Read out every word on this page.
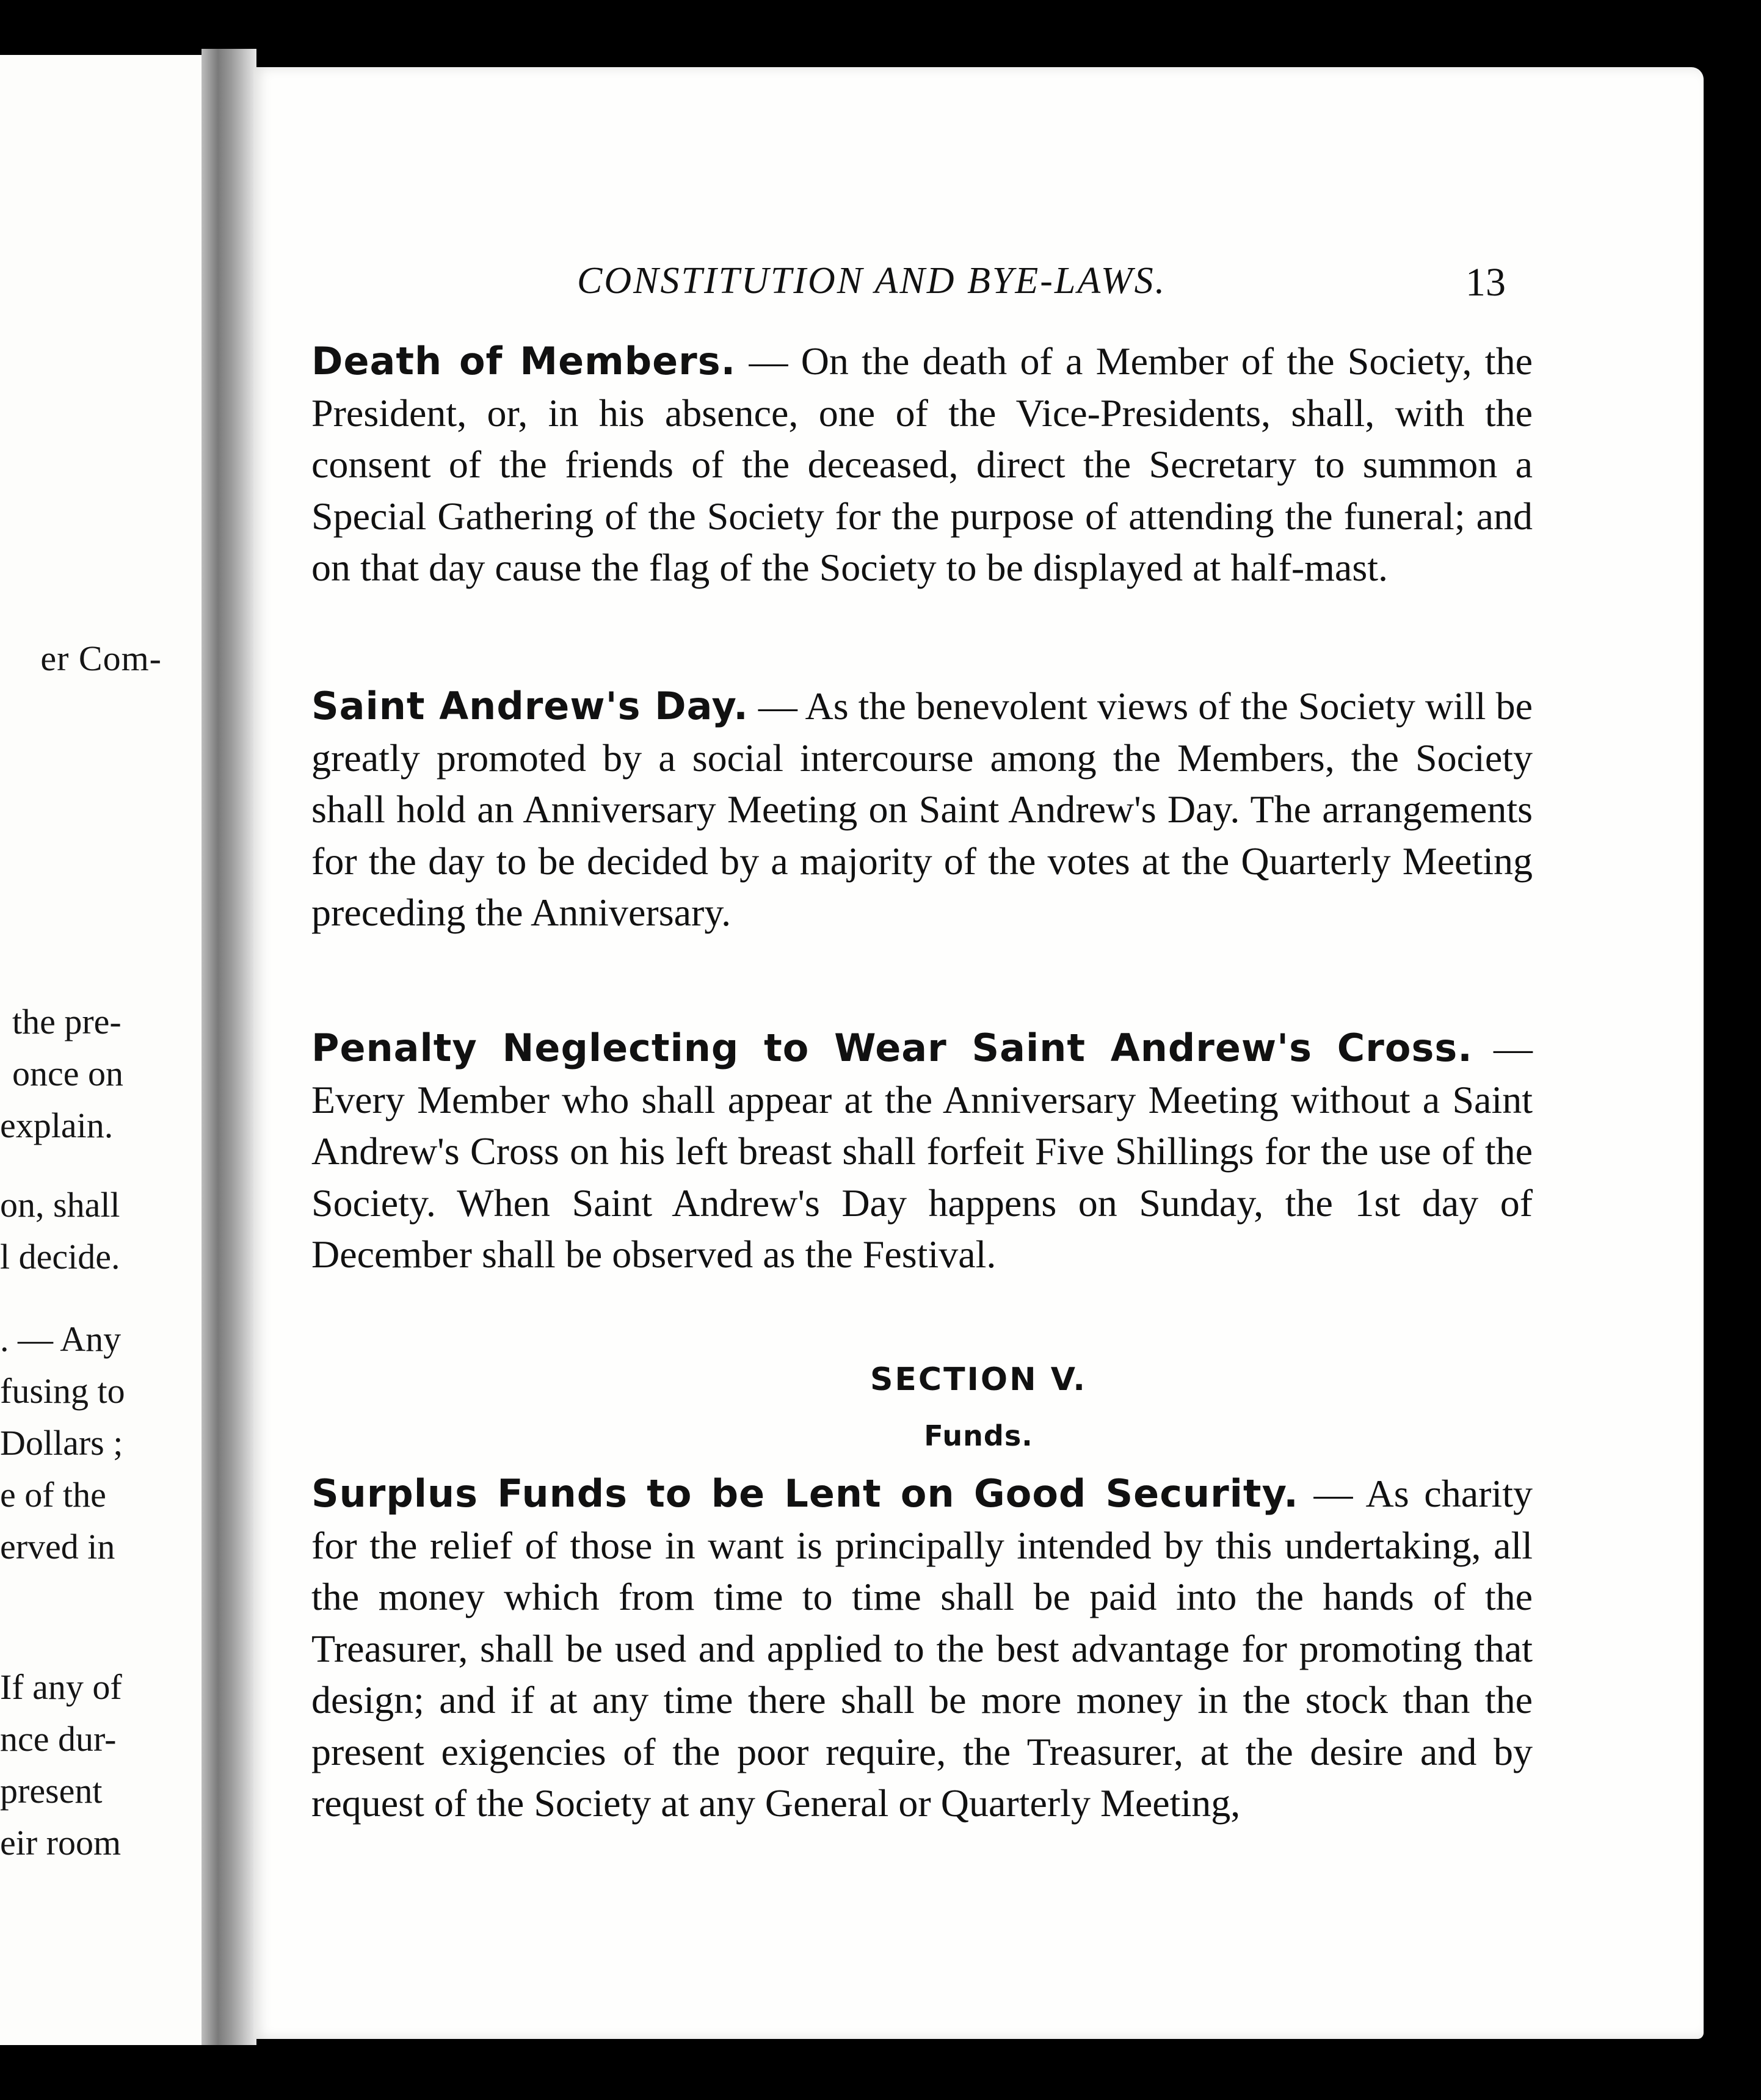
er Com-
the pre-
once on
explain.
on, shall
l decide.
. — Any
fusing to
Dollars ;
e of the
erved in
If any of
nce dur-
present
eir room
CONSTITUTION AND BYE-LAWS.	13
Death of Members. — On the death of a Member of the Society, the President, or, in his absence, one of the Vice-Presidents, shall, with the consent of the friends of the deceased, direct the Secretary to summon a Special Gathering of the Society for the purpose of attending the funeral; and on that day cause the flag of the Society to be displayed at half-mast.
Saint Andrew's Day. — As the benevolent views of the Society will be greatly promoted by a social intercourse among the Members, the Society shall hold an Anniversary Meeting on Saint Andrew's Day. The arrangements for the day to be decided by a majority of the votes at the Quarterly Meeting preceding the Anniversary.
Penalty Neglecting to Wear Saint Andrew's Cross. — Every Member who shall appear at the Anniversary Meeting without a Saint Andrew's Cross on his left breast shall forfeit Five Shillings for the use of the Society. When Saint Andrew's Day happens on Sunday, the 1st day of December shall be observed as the Festival.
SECTION V.
Funds.
Surplus Funds to be Lent on Good Security. — As charity for the relief of those in want is principally intended by this undertaking, all the money which from time to time shall be paid into the hands of the Treasurer, shall be used and applied to the best advantage for promoting that design; and if at any time there shall be more money in the stock than the present exigencies of the poor require, the Treasurer, at the desire and by request of the Society at any General or Quarterly Meeting,
